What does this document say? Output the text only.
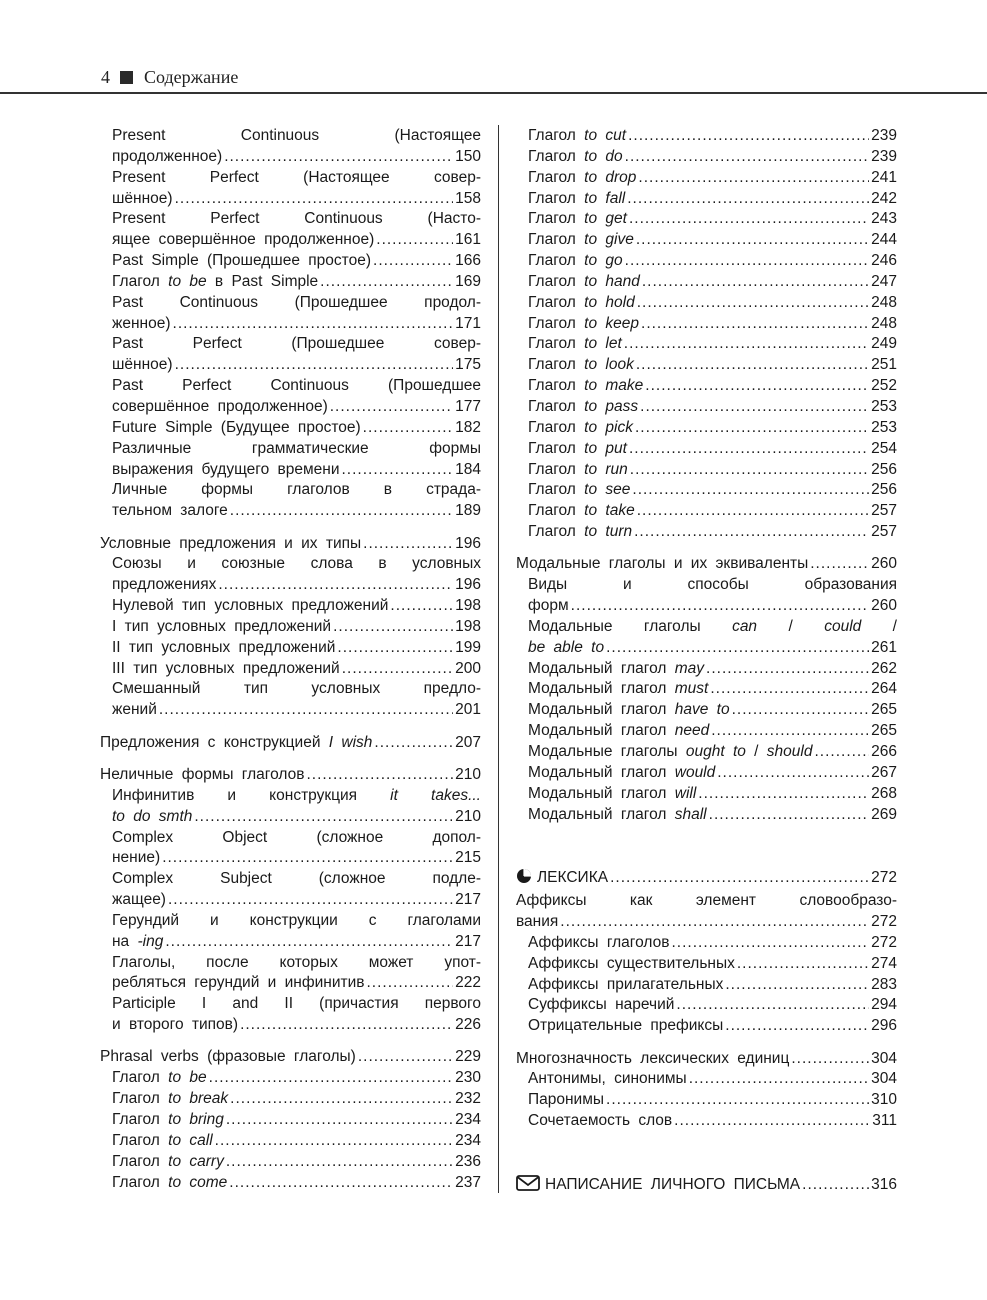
4 Содержание
Present Continuous (Настоящее
продолженное) .....	150
Present Perfect (Настоящее совер-
шённое) .....	158
Present Perfect Continuous (Насто-
ящее совершённое продолженное) .....	161
Past Simple (Прошедшее простое) .....	166
Глагол to be в Past Simple .....	169
Past Continuous (Прошедшее продол-
женное) .....	171
Past Perfect (Прошедшее совер-
шённое) .....	175
Past Perfect Continuous (Прошедшее
совершённое продолженное) .....	177
Future Simple (Будущее простое) .....	182
Различные грамматические формы
выражения будущего времени .....	184
Личные формы глаголов в страда-
тельном залоге .....	189
Условные предложения и их типы .....	196
Союзы и союзные слова в условных
предложениях .....	196
Нулевой тип условных предложений .....	198
I тип условных предложений .....	198
II тип условных предложений .....	199
III тип условных предложений .....	200
Смешанный тип условных предло-
жений .....	201
Предложения с конструкцией I wish .....	207
Неличные формы глаголов .....	210
Инфинитив и конструкция it takes...
to do smth .....	210
Complex Object (сложное допол-
нение) .....	215
Complex Subject (сложное подле-
жащее) .....	217
Герундий и конструкции с глаголами
на -ing .....	217
Глаголы, после которых может упот-
ребляться герундий и инфинитив .....	222
Participle I and II (причастия первого
и второго типов) .....	226
Phrasal verbs (фразовые глаголы) .....	229
Глагол to be .....	230
Глагол to break .....	232
Глагол to bring .....	234
Глагол to call .....	234
Глагол to carry .....	236
Глагол to come .....	237
Глагол to cut .....	239
Глагол to do .....	239
Глагол to drop .....	241
Глагол to fall .....	242
Глагол to get .....	243
Глагол to give .....	244
Глагол to go .....	246
Глагол to hand .....	247
Глагол to hold .....	248
Глагол to keep .....	248
Глагол to let .....	249
Глагол to look .....	251
Глагол to make .....	252
Глагол to pass .....	253
Глагол to pick .....	253
Глагол to put .....	254
Глагол to run .....	256
Глагол to see .....	256
Глагол to take .....	257
Глагол to turn .....	257
Модальные глаголы и их эквиваленты .....	260
Виды и способы образования
форм .....	260
Модальные глаголы can / could /
be able to .....	261
Модальный глагол may .....	262
Модальный глагол must .....	264
Модальный глагол have to .....	265
Модальный глагол need .....	265
Модальные глаголы ought to / should .....	266
Модальный глагол would .....	267
Модальный глагол will .....	268
Модальный глагол shall .....	269
ЛЕКСИКА .....	272
Аффиксы как элемент словообразо-
вания .....	272
Аффиксы глаголов .....	272
Аффиксы существительных .....	274
Аффиксы прилагательных .....	283
Суффиксы наречий .....	294
Отрицательные префиксы .....	296
Многозначность лексических единиц .....	304
Антонимы, синонимы .....	304
Паронимы .....	310
Сочетаемость слов .....	311
НАПИСАНИЕ ЛИЧНОГО ПИСЬМА .....	316
